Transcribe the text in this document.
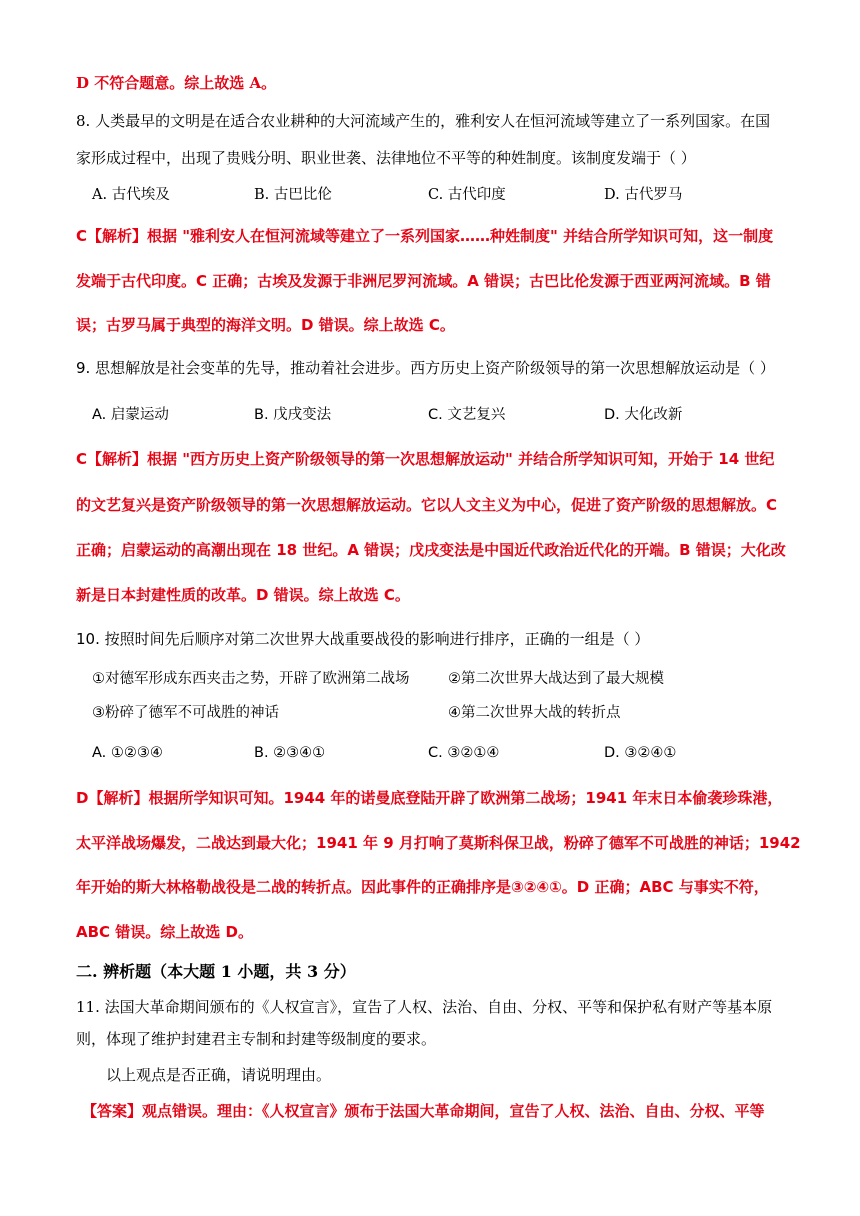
D 不符合题意。综上故选 A。
8. 人类最早的文明是在适合农业耕种的大河流域产生的，雅利安人在恒河流域等建立了一系列国家。在国
家形成过程中，出现了贵贱分明、职业世袭、法律地位不平等的种姓制度。该制度发端于（ ）
A. 古代埃及	B. 古巴比伦	C. 古代印度	D. 古代罗马
C【解析】根据 "雅利安人在恒河流域等建立了一系列国家……种姓制度" 并结合所学知识可知，这一制度
发端于古代印度。C 正确；古埃及发源于非洲尼罗河流域。A 错误；古巴比伦发源于西亚两河流域。B 错
误；古罗马属于典型的海洋文明。D 错误。综上故选 C。
9. 思想解放是社会变革的先导，推动着社会进步。西方历史上资产阶级领导的第一次思想解放运动是（ ）
A. 启蒙运动	B. 戊戌变法	C. 文艺复兴	D. 大化改新
C【解析】根据 "西方历史上资产阶级领导的第一次思想解放运动" 并结合所学知识可知，开始于 14 世纪
的文艺复兴是资产阶级领导的第一次思想解放运动。它以人文主义为中心，促进了资产阶级的思想解放。C
正确；启蒙运动的高潮出现在 18 世纪。A 错误；戊戌变法是中国近代政治近代化的开端。B 错误；大化改
新是日本封建性质的改革。D 错误。综上故选 C。
10. 按照时间先后顺序对第二次世界大战重要战役的影响进行排序，正确的一组是（ ）
①对德军形成东西夹击之势，开辟了欧洲第二战场	②第二次世界大战达到了最大规模
③粉碎了德军不可战胜的神话	④第二次世界大战的转折点
A. ①②③④	B. ②③④①	C. ③②①④	D. ③②④①
D【解析】根据所学知识可知。1944 年的诺曼底登陆开辟了欧洲第二战场；1941 年末日本偷袭珍珠港，
太平洋战场爆发，二战达到最大化；1941 年 9 月打响了莫斯科保卫战，粉碎了德军不可战胜的神话；1942
年开始的斯大林格勒战役是二战的转折点。因此事件的正确排序是③②④①。D 正确；ABC 与事实不符，
ABC 错误。综上故选 D。
二. 辨析题（本大题 1 小题，共 3 分）
11. 法国大革命期间颁布的《人权宣言》，宣告了人权、法治、自由、分权、平等和保护私有财产等基本原
则，体现了维护封建君主专制和封建等级制度的要求。
以上观点是否正确，请说明理由。
【答案】观点错误。理由：《人权宣言》颁布于法国大革命期间，宣告了人权、法治、自由、分权、平等
